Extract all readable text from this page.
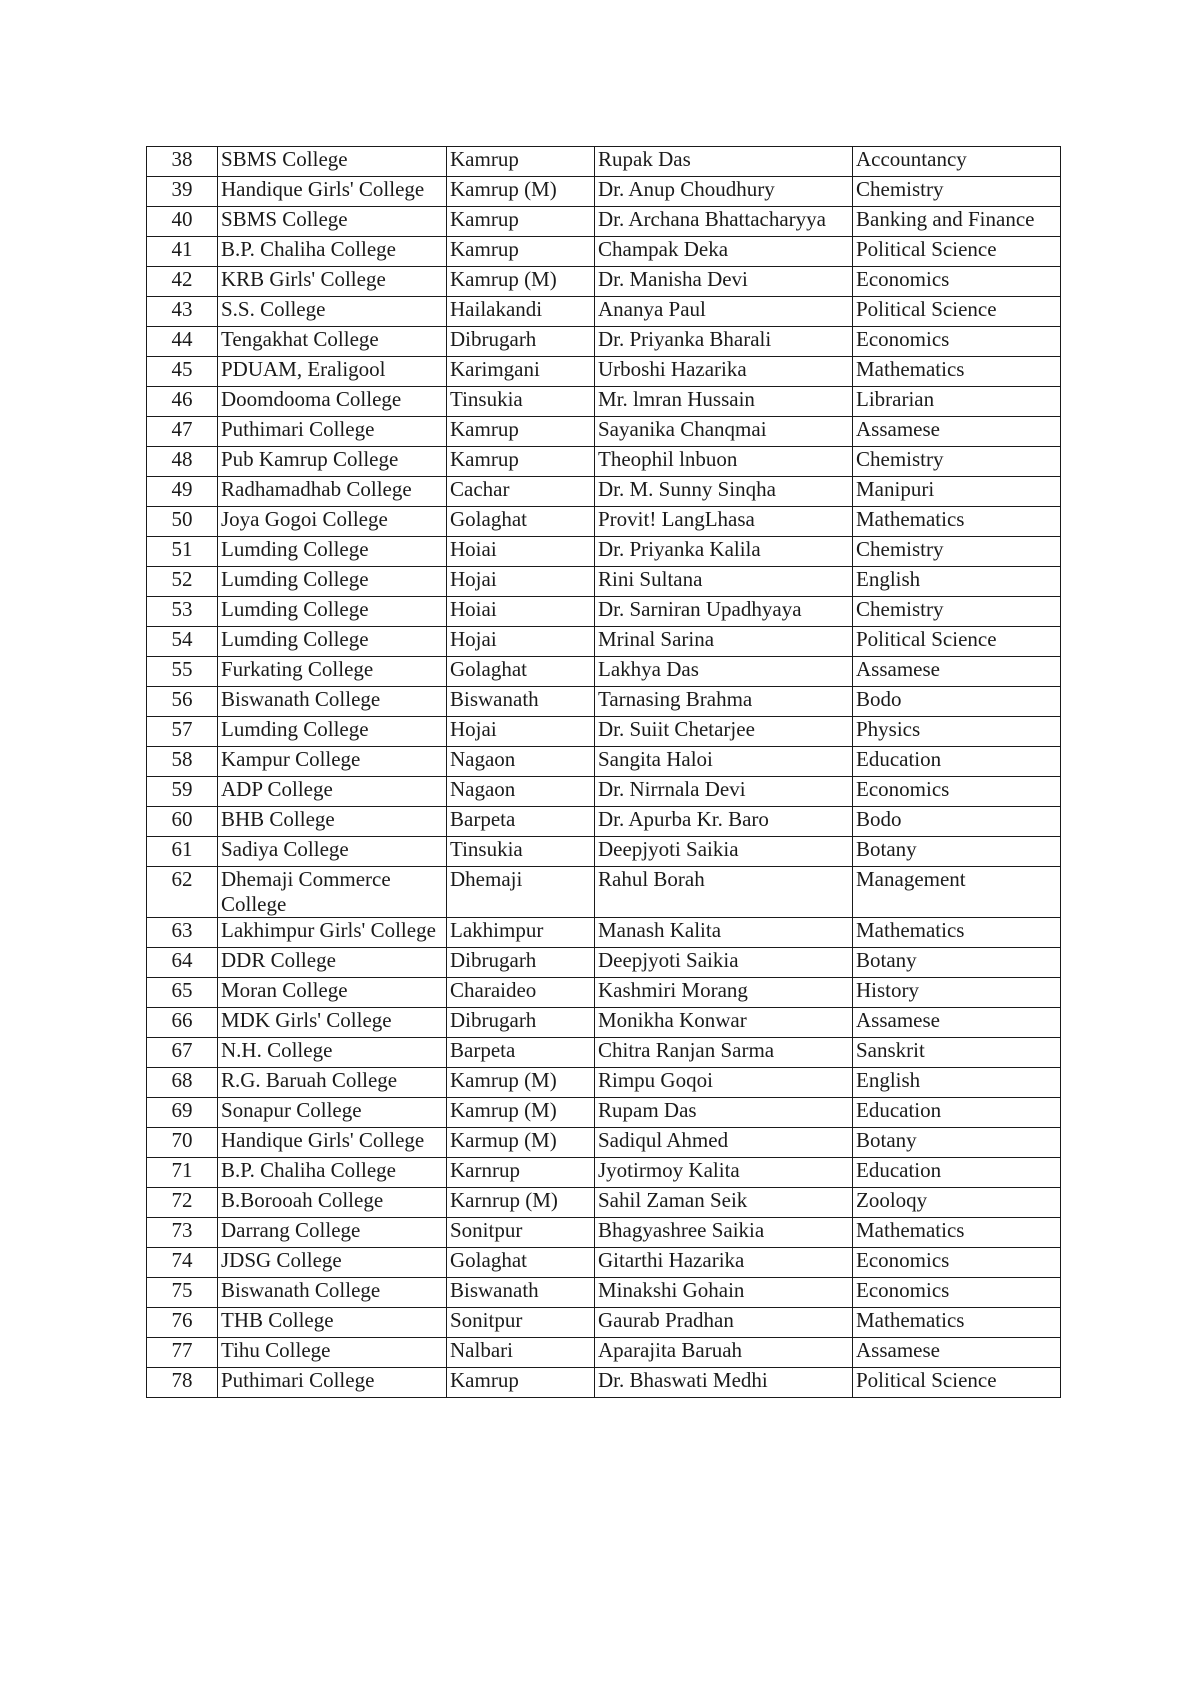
38	SBMS College	Kamrup	Rupak Das	Accountancy
39	Handique Girls' College	Kamrup (M)	Dr. Anup Choudhury	Chemistry
40	SBMS College	Kamrup	Dr. Archana Bhattacharyya	Banking and Finance
41	B.P. Chaliha College	Kamrup	Champak Deka	Political Science
42	KRB Girls' College	Kamrup (M)	Dr. Manisha Devi	Economics
43	S.S. College	Hailakandi	Ananya Paul	Political Science
44	Tengakhat College	Dibrugarh	Dr. Priyanka Bharali	Economics
45	PDUAM, Eraligool	Karimgani	Urboshi Hazarika	Mathematics
46	Doomdooma College	Tinsukia	Mr. lmran Hussain	Librarian
47	Puthimari College	Kamrup	Sayanika Chanqmai	Assamese
48	Pub Kamrup College	Kamrup	Theophil lnbuon	Chemistry
49	Radhamadhab College	Cachar	Dr. M. Sunny Sinqha	Manipuri
50	Joya Gogoi College	Golaghat	Provit! LangLhasa	Mathematics
51	Lumding College	Hoiai	Dr. Priyanka Kalila	Chemistry
52	Lumding College	Hojai	Rini Sultana	English
53	Lumding College	Hoiai	Dr. Sarniran Upadhyaya	Chemistry
54	Lumding College	Hojai	Mrinal Sarina	Political Science
55	Furkating College	Golaghat	Lakhya Das	Assamese
56	Biswanath College	Biswanath	Tarnasing Brahma	Bodo
57	Lumding College	Hojai	Dr. Suiit Chetarjee	Physics
58	Kampur College	Nagaon	Sangita Haloi	Education
59	ADP College	Nagaon	Dr. Nirrnala Devi	Economics
60	BHB College	Barpeta	Dr. Apurba Kr. Baro	Bodo
61	Sadiya College	Tinsukia	Deepjyoti Saikia	Botany
62	Dhemaji Commerce College	Dhemaji	Rahul Borah	Management
63	Lakhimpur Girls' College	Lakhimpur	Manash Kalita	Mathematics
64	DDR College	Dibrugarh	Deepjyoti Saikia	Botany
65	Moran College	Charaideo	Kashmiri Morang	History
66	MDK Girls' College	Dibrugarh	Monikha Konwar	Assamese
67	N.H. College	Barpeta	Chitra Ranjan Sarma	Sanskrit
68	R.G. Baruah College	Kamrup (M)	Rimpu Goqoi	English
69	Sonapur College	Kamrup (M)	Rupam Das	Education
70	Handique Girls' College	Karmup (M)	Sadiqul Ahmed	Botany
71	B.P. Chaliha College	Karnrup	Jyotirmoy Kalita	Education
72	B.Borooah College	Karnrup (M)	Sahil Zaman Seik	Zooloqy
73	Darrang College	Sonitpur	Bhagyashree Saikia	Mathematics
74	JDSG College	Golaghat	Gitarthi Hazarika	Economics
75	Biswanath College	Biswanath	Minakshi Gohain	Economics
76	THB College	Sonitpur	Gaurab Pradhan	Mathematics
77	Tihu College	Nalbari	Aparajita Baruah	Assamese
78	Puthimari College	Kamrup	Dr. Bhaswati Medhi	Political Science
